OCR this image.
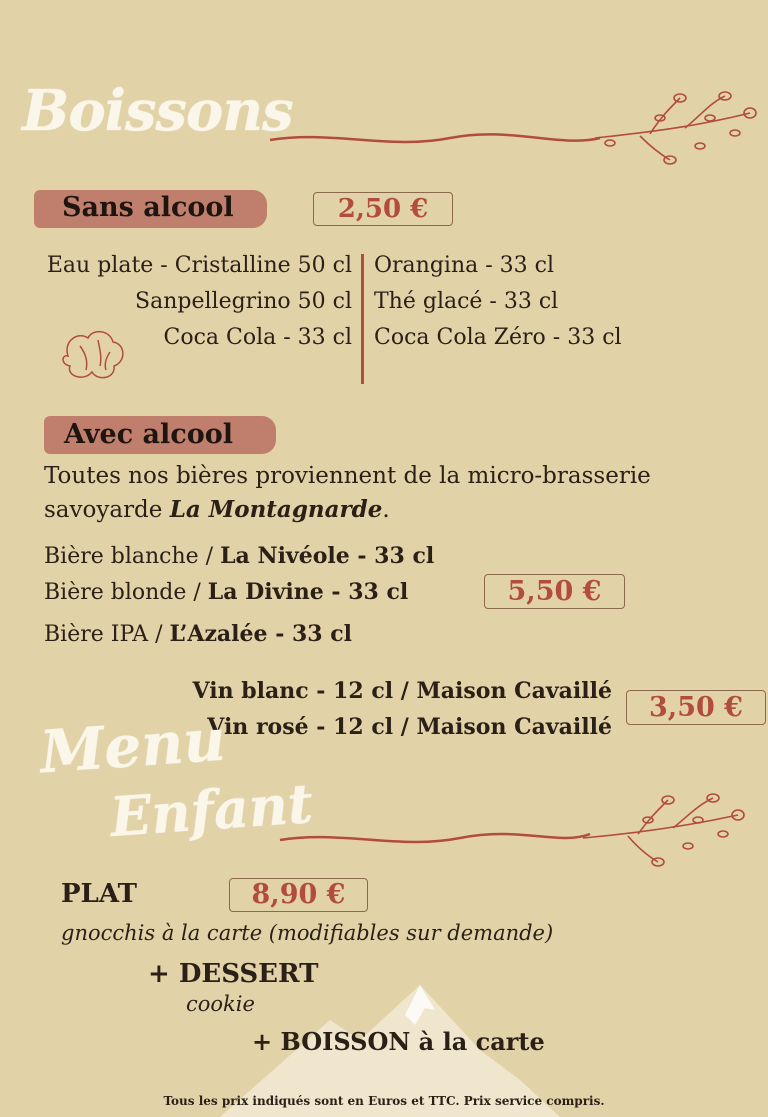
Boissons
Sans alcool	2,50 €
Eau plate - Cristalline 50 cl
Sanpellegrino 50 cl
Coca Cola - 33 cl
Orangina - 33 cl
Thé glacé - 33 cl
Coca Cola Zéro - 33 cl
Avec alcool
Toutes nos bières proviennent de la micro-brasserie
savoyarde La Montagnarde.
Bière blanche / La Nivéole - 33 cl
Bière blonde / La Divine - 33 cl
Bière IPA / L’Azalée - 33 cl
5,50 €
Vin blanc - 12 cl / Maison Cavaillé
Vin rosé - 12 cl / Maison Cavaillé
3,50 €
Menu
Enfant
PLAT	8,90 €
gnocchis à la carte (modifiables sur demande)
+ DESSERT
cookie
+ BOISSON à la carte
Tous les prix indiqués sont en Euros et TTC. Prix service compris.
